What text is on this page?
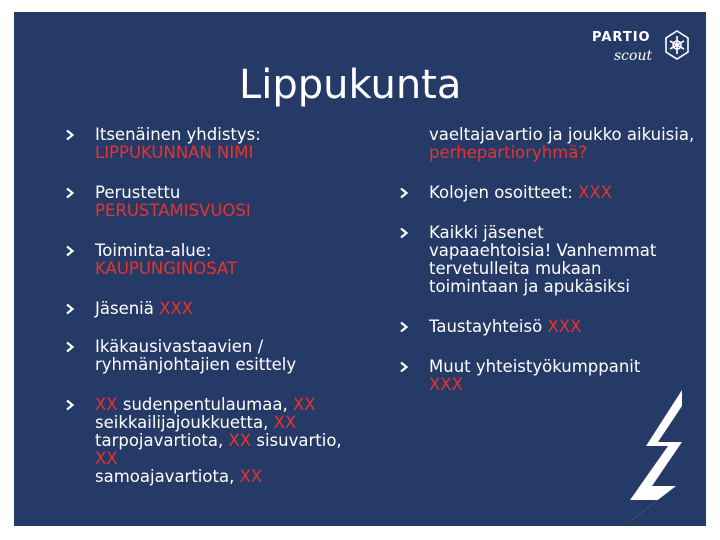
PARTIO
scout
Lippukunta
Itsenäinen yhdistys:
LIPPUKUNNAN NIMI
Perustettu
PERUSTAMISVUOSI
Toiminta-alue:
KAUPUNGINOSAT
Jäseniä XXX
Ikäkausivastaavien / ryhmänjohtajien esittely
XX sudenpentulaumaa, XX seikkailijajoukkuetta, XX tarpojavartiota, XX sisuvartio, XX
samoajavartiota, XX
vaeltajavartio ja joukko aikuisia,
perhepartioryhmä?
Kolojen osoitteet: XXX
Kaikki jäsenet vapaaehtoisia! Vanhemmat tervetulleita mukaan toimintaan ja apukäsiksi
Taustayhteisö XXX
Muut yhteistyökumppanit
XXX
